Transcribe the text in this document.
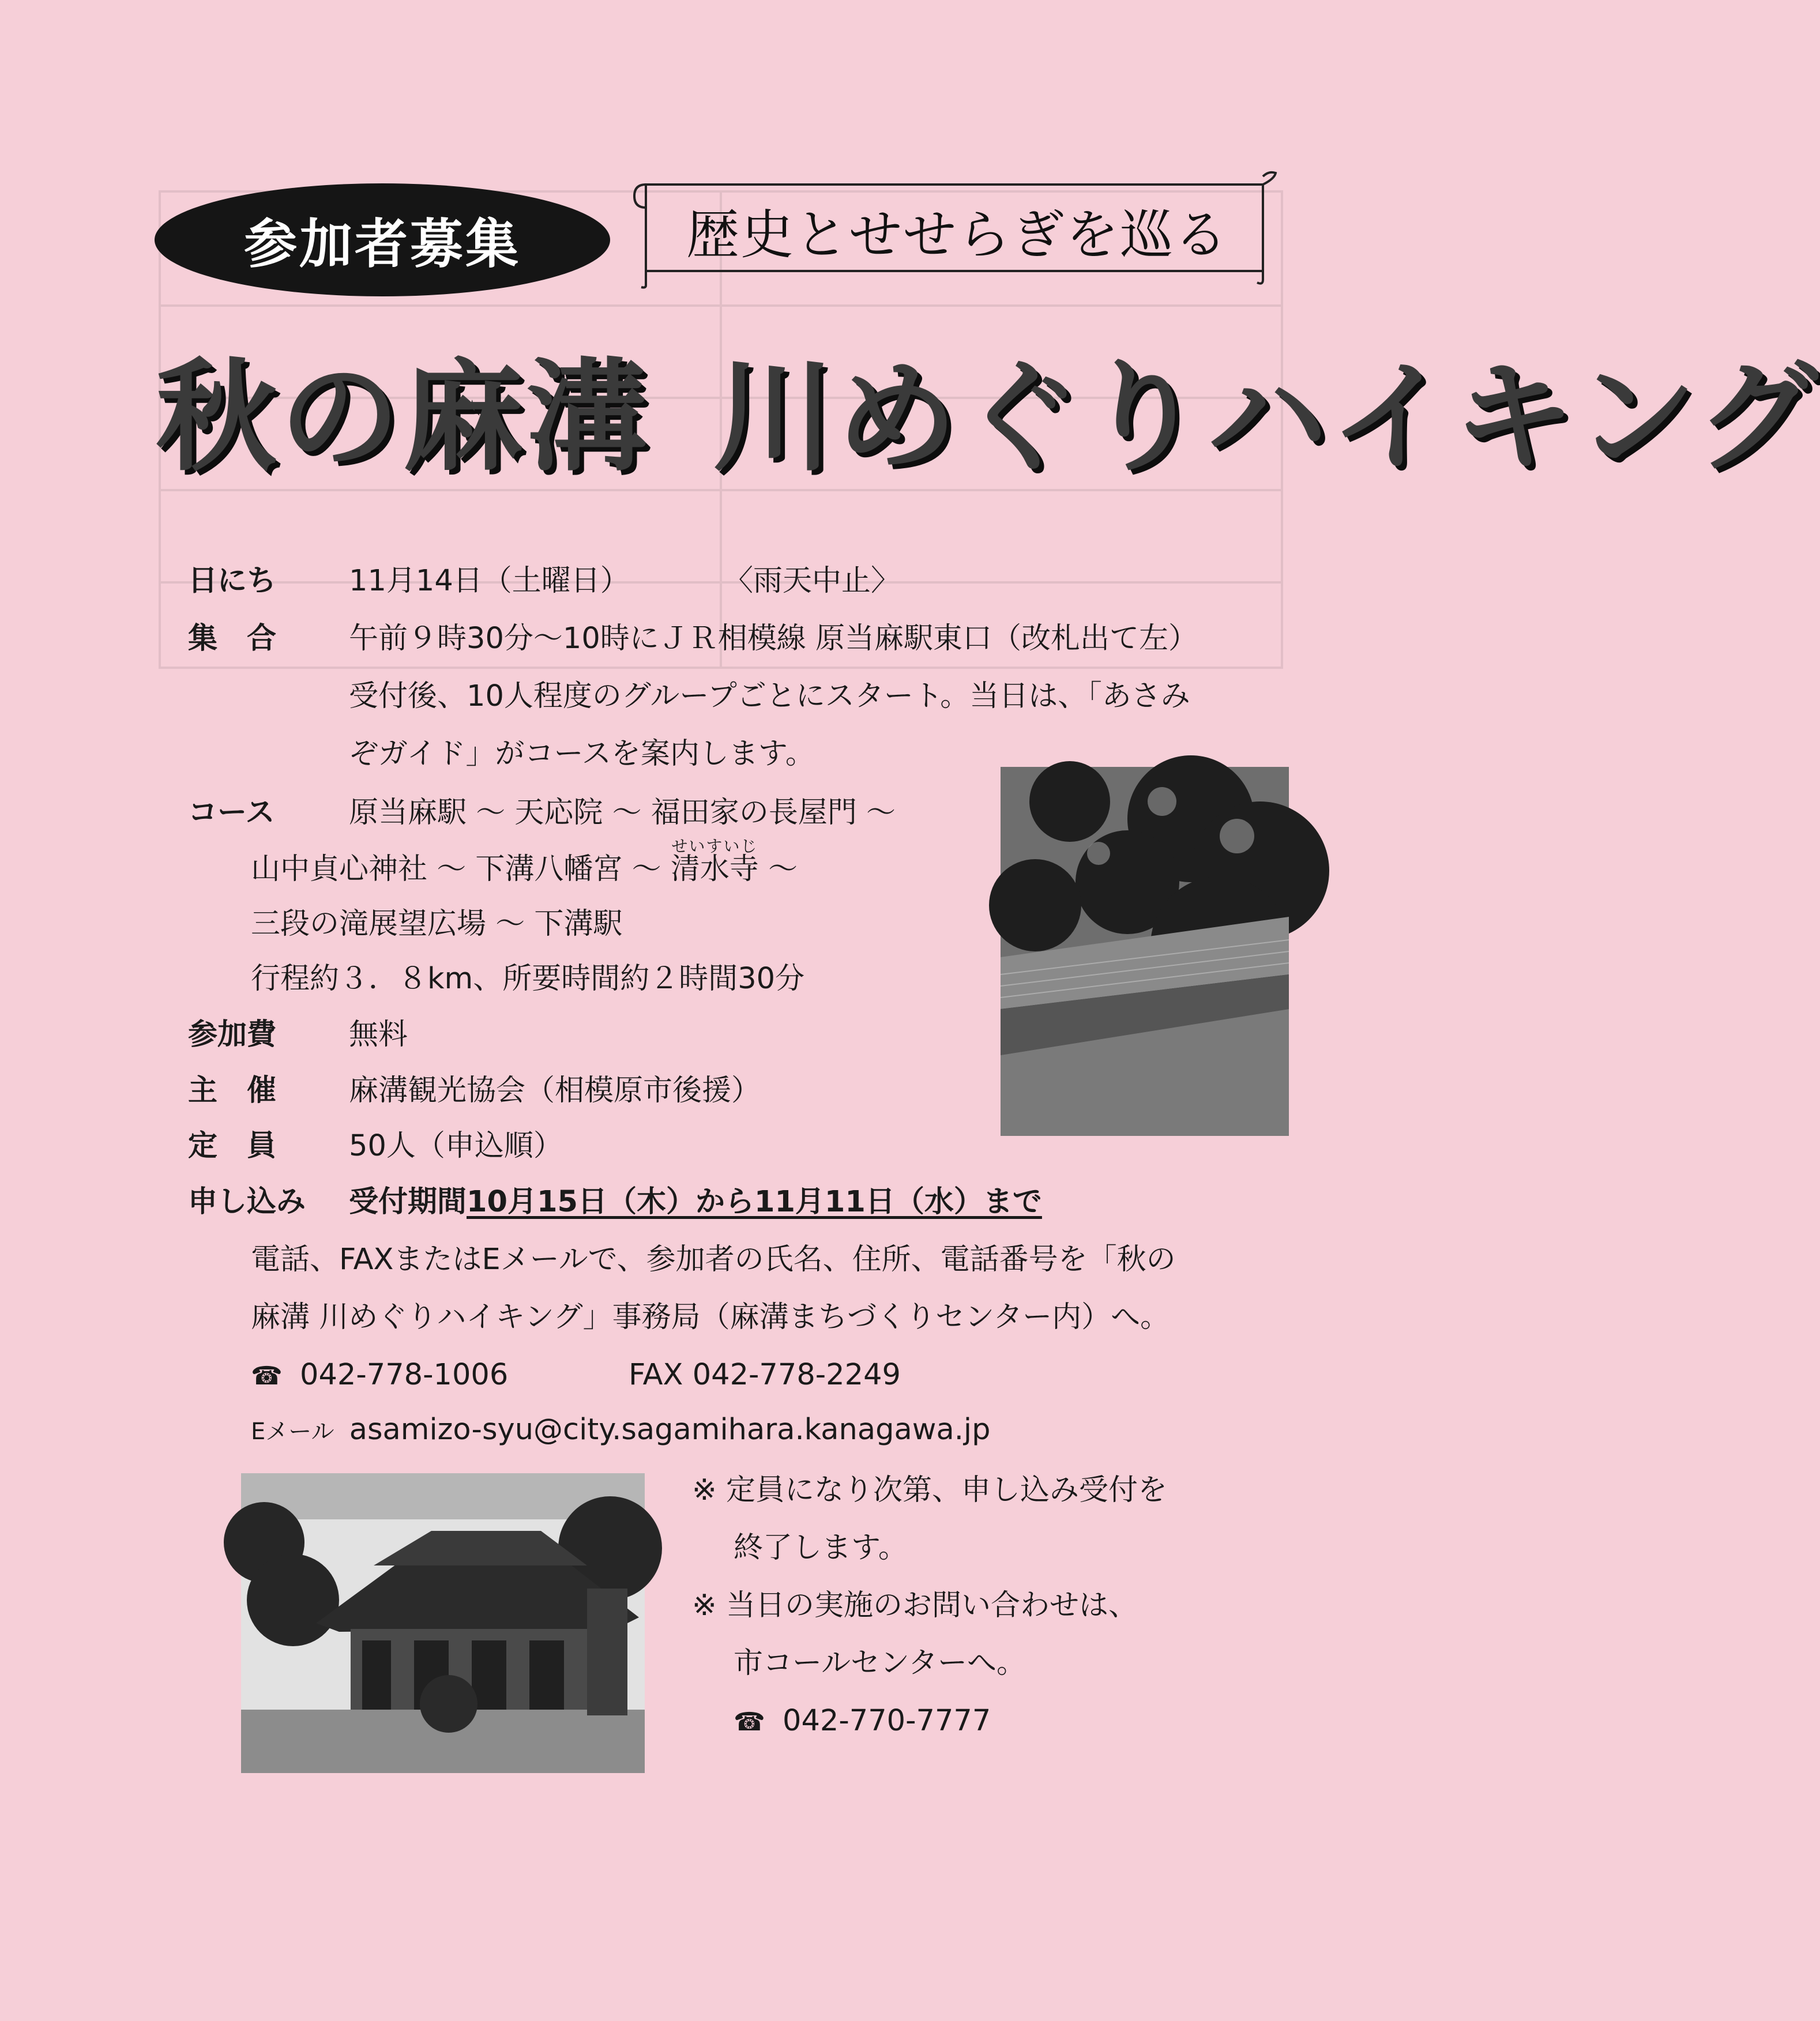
参加者募集	歴史とせせらぎを巡る
秋の麻溝 川めぐりハイキング
日にち 11月14日（土曜日）	〈雨天中止〉
集　合 午前９時30分～10時にＪＲ相模線 原当麻駅東口（改札出て左）
受付後、10人程度のグループごとにスタート。当日は、「あさみ
ぞガイド」がコースを案内します。
コース	原当麻駅 ～ 天応院 ～ 福田家の長屋門 ～
山中貞心神社 ～ 下溝八幡宮 ～
せいすいじ
清水寺 ～
三段の滝展望広場 ～ 下溝駅
行程約３．８km、所要時間約２時間30分
参加費 無料
主　催 麻溝観光協会（相模原市後援）
定　員 50人（申込順）
申し込み 受付期間10月15日（木）から11月11日（水）まで
電話、FAXまたはEメールで、参加者の氏名、住所、電話番号を「秋の
麻溝 川めぐりハイキング」事務局（麻溝まちづくりセンター内）へ。
☎ 042-778-1006	FAX 042-778-2249
Eメール asamizo-syu@city.sagamihara.kanagawa.jp
※ 定員になり次第、申し込み受付を
終了します。
※ 当日の実施のお問い合わせは、
市コールセンターへ。
☎ 042-770-7777
